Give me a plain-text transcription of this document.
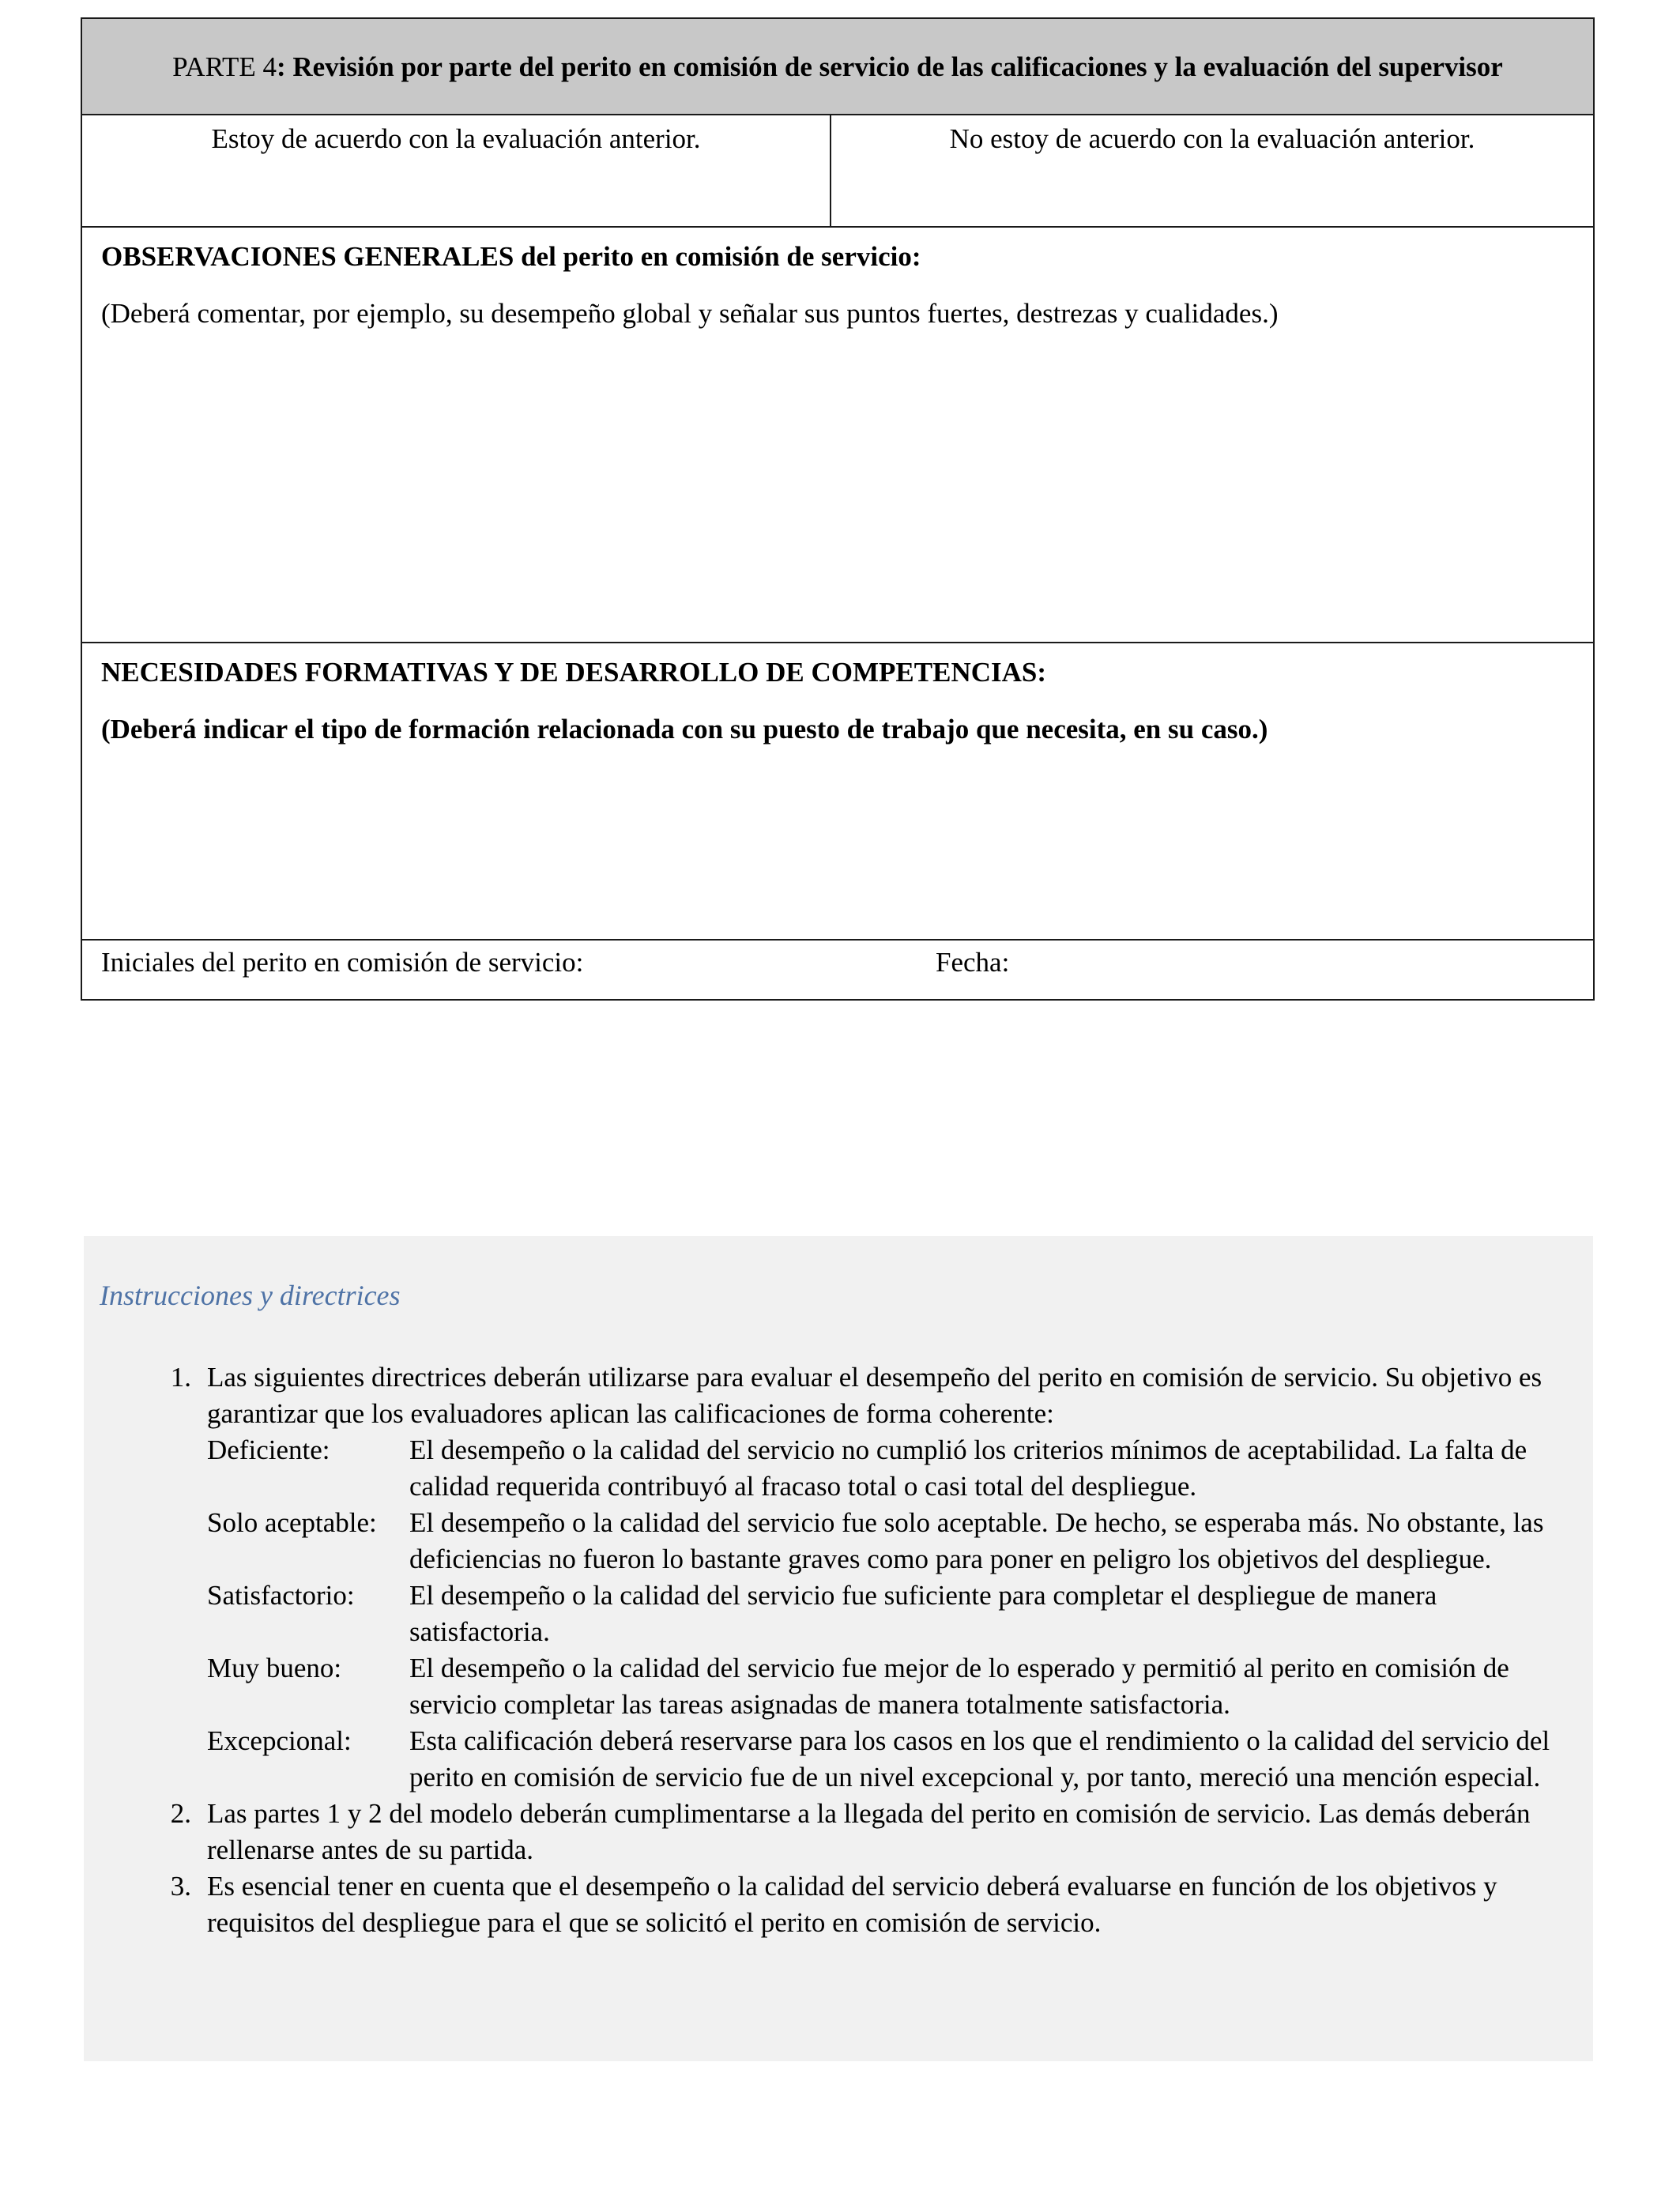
PARTE 4: Revisión por parte del perito en comisión de servicio de las calificaciones y la evaluación del supervisor
Estoy de acuerdo con la evaluación anterior.	No estoy de acuerdo con la evaluación anterior.

OBSERVACIONES GENERALES del perito en comisión de servicio:

(Deberá comentar, por ejemplo, su desempeño global y señalar sus puntos fuertes, destrezas y cualidades.)

NECESIDADES FORMATIVAS Y DE DESARROLLO DE COMPETENCIAS:

(Deberá indicar el tipo de formación relacionada con su puesto de trabajo que necesita, en su caso.)

Iniciales del perito en comisión de servicio:	Fecha:

Instrucciones y directrices

1. Las siguientes directrices deberán utilizarse para evaluar el desempeño del perito en comisión de servicio. Su objetivo es garantizar que los evaluadores aplican las calificaciones de forma coherente:
Deficiente:	El desempeño o la calidad del servicio no cumplió los criterios mínimos de aceptabilidad. La falta de calidad requerida contribuyó al fracaso total o casi total del despliegue.
Solo aceptable:	El desempeño o la calidad del servicio fue solo aceptable. De hecho, se esperaba más. No obstante, las deficiencias no fueron lo bastante graves como para poner en peligro los objetivos del despliegue.
Satisfactorio:	El desempeño o la calidad del servicio fue suficiente para completar el despliegue de manera satisfactoria.
Muy bueno:	El desempeño o la calidad del servicio fue mejor de lo esperado y permitió al perito en comisión de servicio completar las tareas asignadas de manera totalmente satisfactoria.
Excepcional:	Esta calificación deberá reservarse para los casos en los que el rendimiento o la calidad del servicio del perito en comisión de servicio fue de un nivel excepcional y, por tanto, mereció una mención especial.
2. Las partes 1 y 2 del modelo deberán cumplimentarse a la llegada del perito en comisión de servicio. Las demás deberán rellenarse antes de su partida.
3. Es esencial tener en cuenta que el desempeño o la calidad del servicio deberá evaluarse en función de los objetivos y requisitos del despliegue para el que se solicitó el perito en comisión de servicio.
